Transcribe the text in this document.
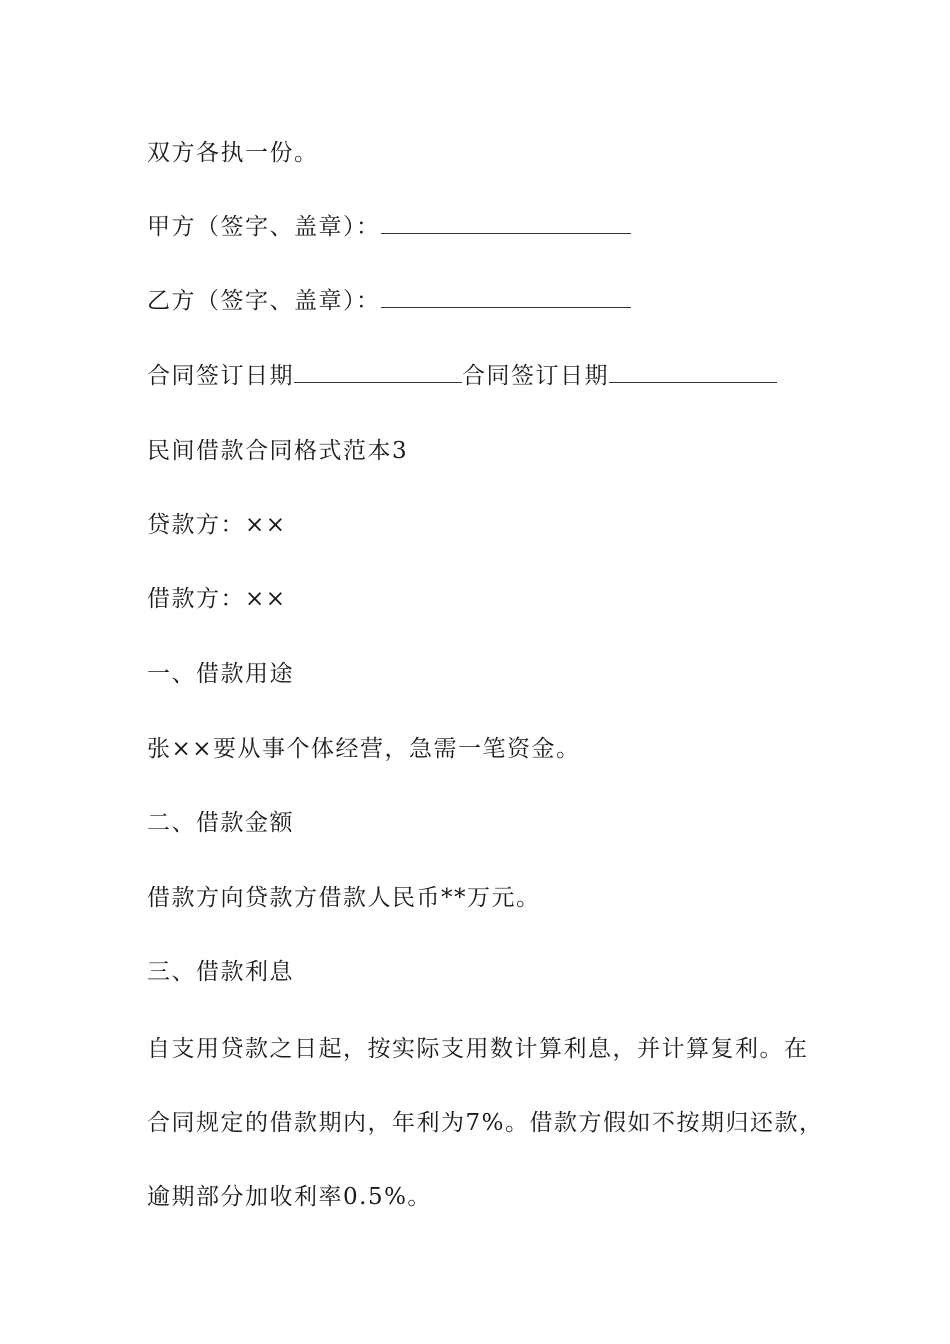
双方各执一份。
甲方（签字、盖章）：
乙方（签字、盖章）：
合同签订日期	合同签订日期
民间借款合同格式范本3
贷款方：××
借款方：××
一、借款用途
张××要从事个体经营，急需一笔资金。
二、借款金额
借款方向贷款方借款人民币**万元。
三、借款利息
自支用贷款之日起，按实际支用数计算利息，并计算复利。在
合同规定的借款期内，年利为7%。借款方假如不按期归还款，
逾期部分加收利率0.5%。
